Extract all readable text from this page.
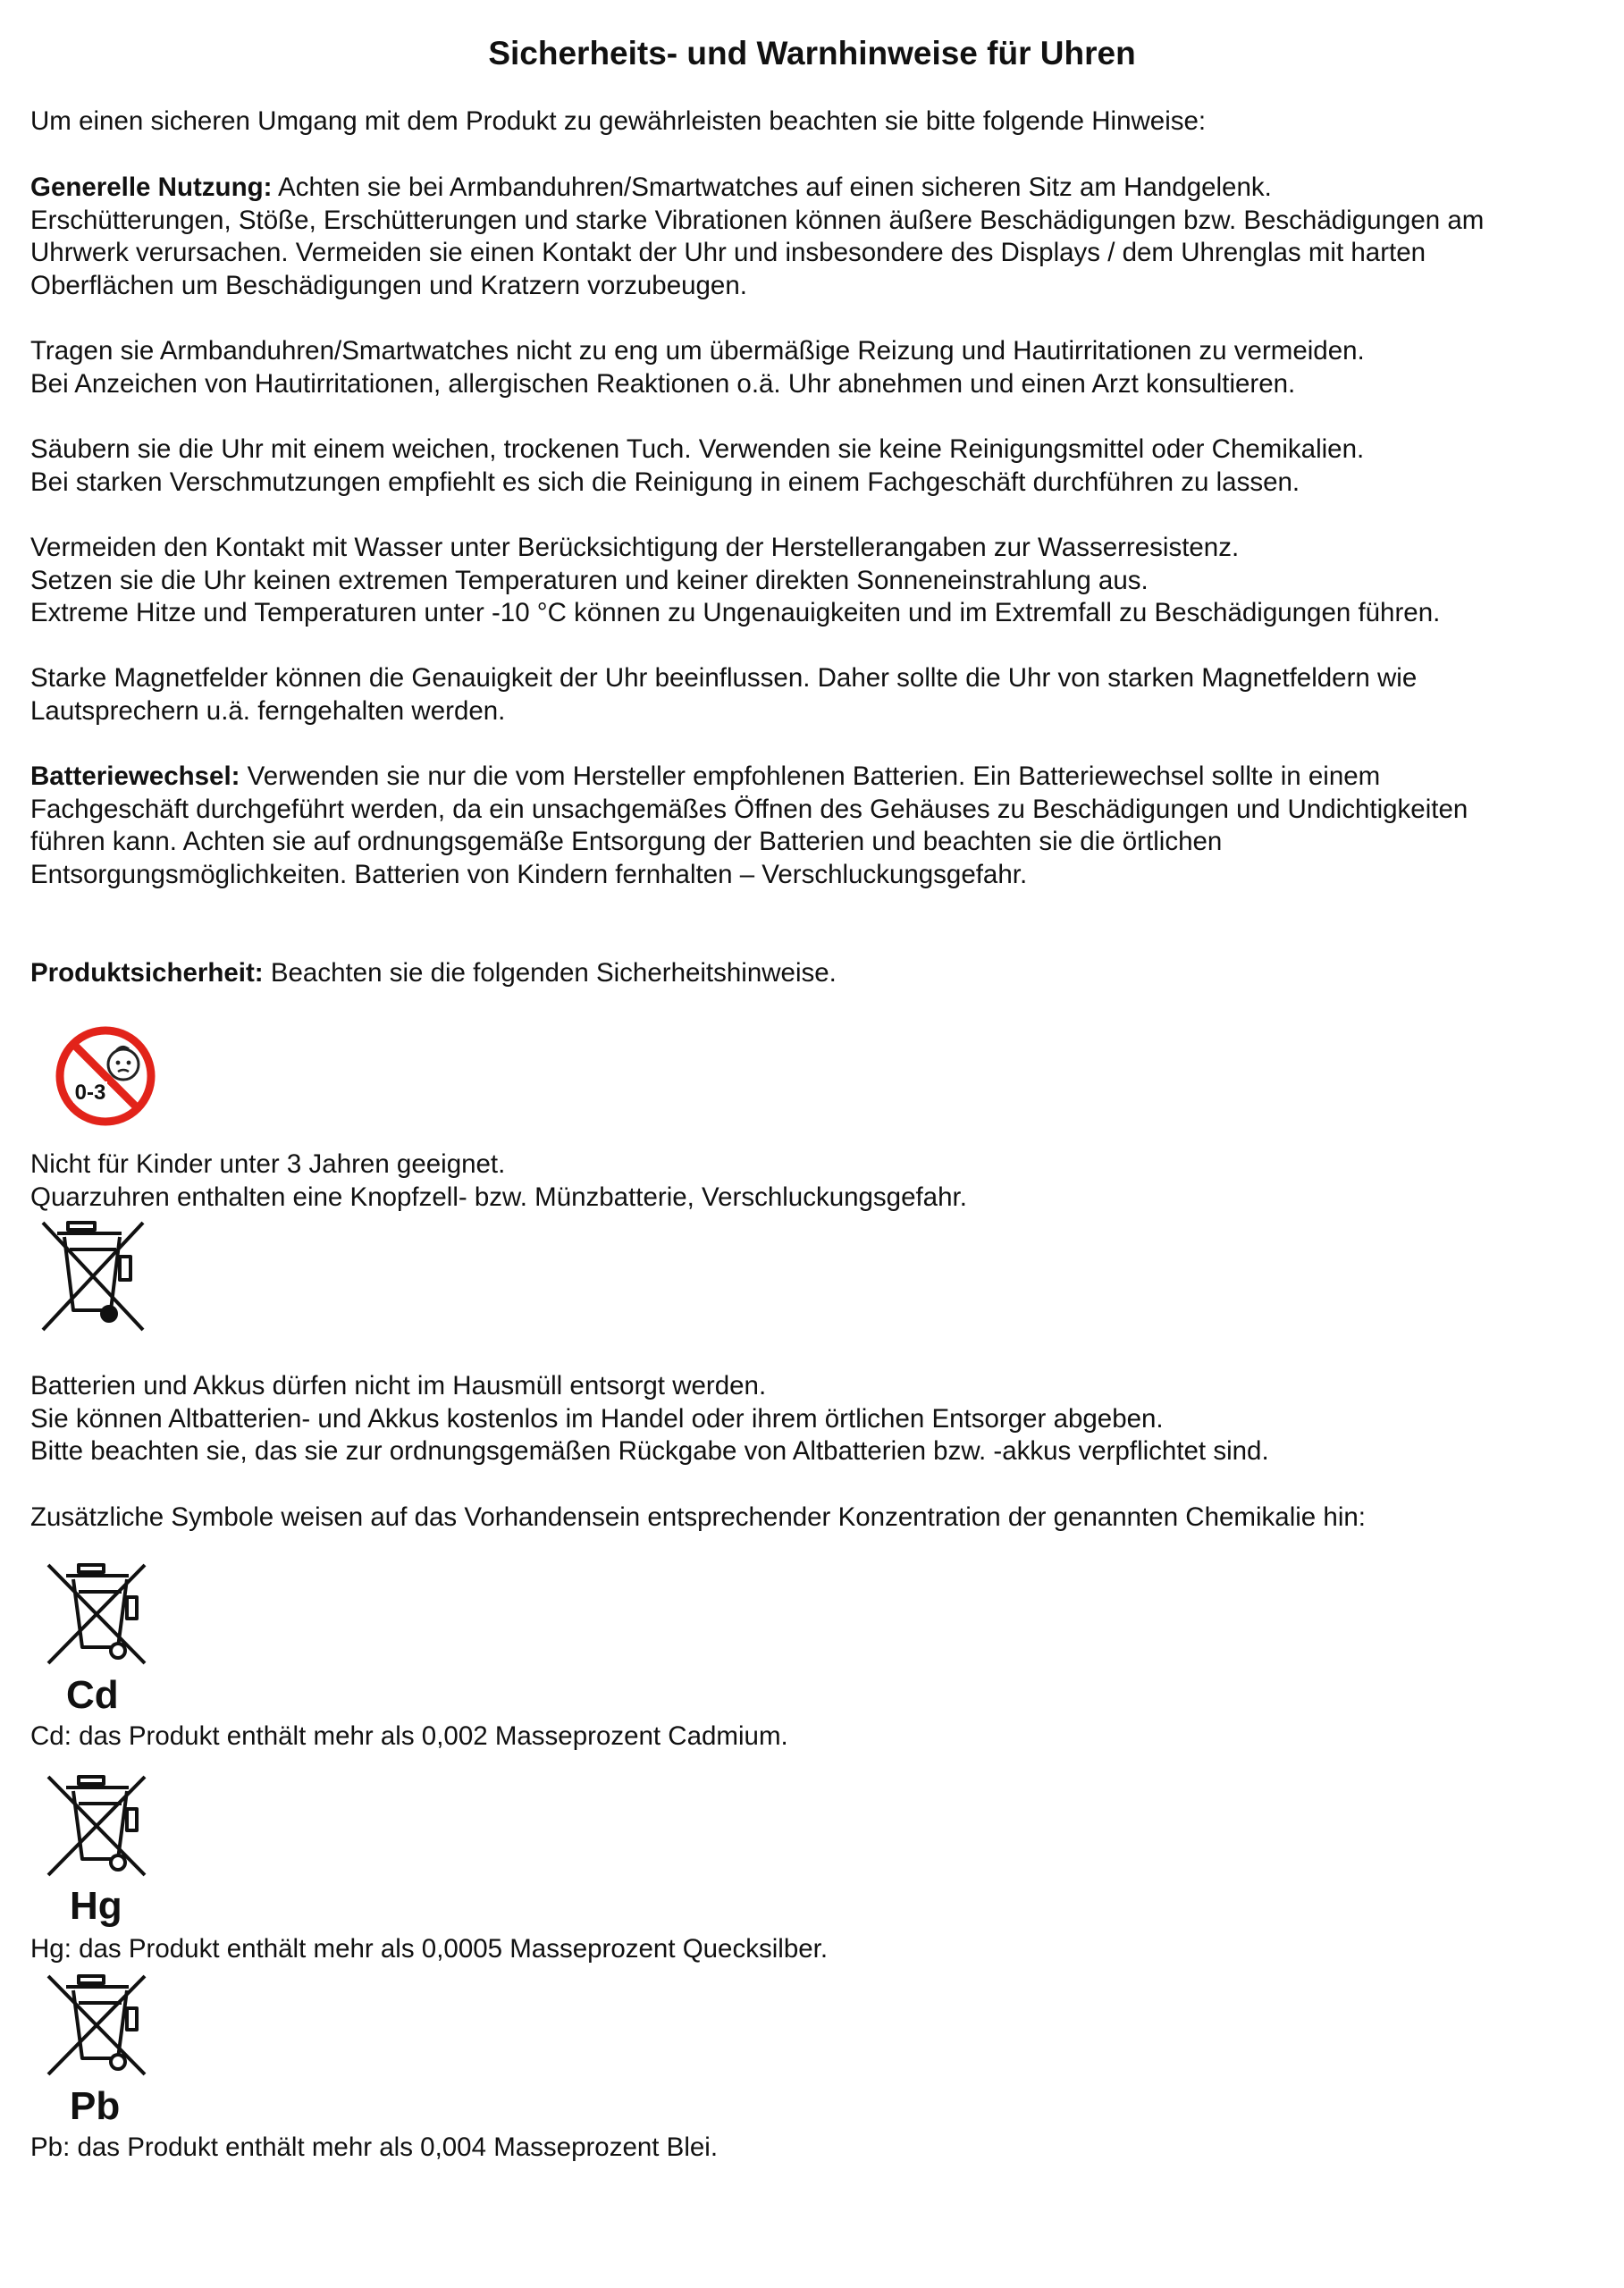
Sicherheits- und Warnhinweise für Uhren
Um einen sicheren Umgang mit dem Produkt zu gewährleisten beachten sie bitte folgende Hinweise:
Generelle Nutzung: Achten sie bei Armbanduhren/Smartwatches auf einen sicheren Sitz am Handgelenk.
Erschütterungen, Stöße, Erschütterungen und starke Vibrationen können äußere Beschädigungen bzw. Beschädigungen am
Uhrwerk verursachen. Vermeiden sie einen Kontakt der Uhr und insbesondere des Displays / dem Uhrenglas mit harten
Oberflächen um Beschädigungen und Kratzern vorzubeugen.
Tragen sie Armbanduhren/Smartwatches nicht zu eng um übermäßige Reizung und Hautirritationen zu vermeiden.
Bei Anzeichen von Hautirritationen, allergischen Reaktionen o.ä. Uhr abnehmen und einen Arzt konsultieren.
Säubern sie die Uhr mit einem weichen, trockenen Tuch. Verwenden sie keine Reinigungsmittel oder Chemikalien.
Bei starken Verschmutzungen empfiehlt es sich die Reinigung in einem Fachgeschäft durchführen zu lassen.
Vermeiden den Kontakt mit Wasser unter Berücksichtigung der Herstellerangaben zur Wasserresistenz.
Setzen sie die Uhr keinen extremen Temperaturen und keiner direkten Sonneneinstrahlung aus.
Extreme Hitze und Temperaturen unter -10 °C können zu Ungenauigkeiten und im Extremfall zu Beschädigungen führen.
Starke Magnetfelder können die Genauigkeit der Uhr beeinflussen. Daher sollte die Uhr von starken Magnetfeldern wie
Lautsprechern u.ä. ferngehalten werden.
Batteriewechsel: Verwenden sie nur die vom Hersteller empfohlenen Batterien. Ein Batteriewechsel sollte in einem
Fachgeschäft durchgeführt werden, da ein unsachgemäßes Öffnen des Gehäuses zu Beschädigungen und Undichtigkeiten
führen kann. Achten sie auf ordnungsgemäße Entsorgung der Batterien und beachten sie die örtlichen
Entsorgungsmöglichkeiten. Batterien von Kindern fernhalten – Verschluckungsgefahr.
Produktsicherheit: Beachten sie die folgenden Sicherheitshinweise.
0-3
Nicht für Kinder unter 3 Jahren geeignet.
Quarzuhren enthalten eine Knopfzell- bzw. Münzbatterie, Verschluckungsgefahr.
Batterien und Akkus dürfen nicht im Hausmüll entsorgt werden.
Sie können Altbatterien- und Akkus kostenlos im Handel oder ihrem örtlichen Entsorger abgeben.
Bitte beachten sie, das sie zur ordnungsgemäßen Rückgabe von Altbatterien bzw. -akkus verpflichtet sind.
Zusätzliche Symbole weisen auf das Vorhandensein entsprechender Konzentration der genannten Chemikalie hin:
Cd
Cd: das Produkt enthält mehr als 0,002 Masseprozent Cadmium.
Hg
Hg: das Produkt enthält mehr als 0,0005 Masseprozent Quecksilber.
Pb
Pb: das Produkt enthält mehr als 0,004 Masseprozent Blei.
